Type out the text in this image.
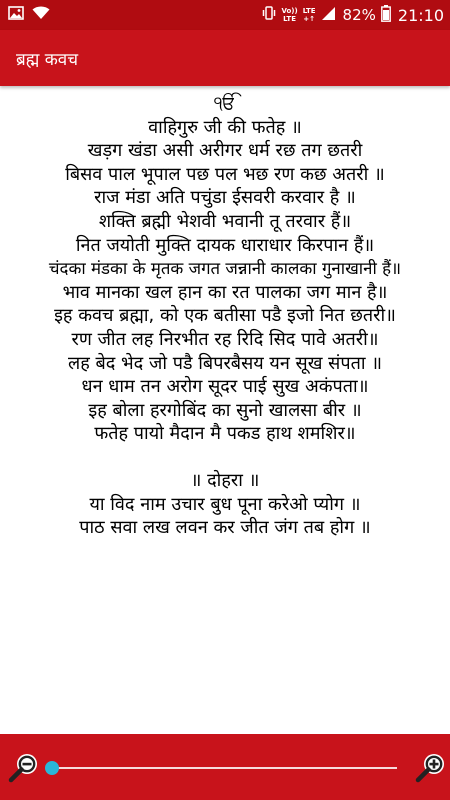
Vo))
LTE
LTE
+↑ 82% 21:10
ब्रह्म कवच
ੴ
वाहिगुरु जी की फतेह ॥
खड़ग खंडा असी अरीगर धर्म रछ तग छतरी
बिसव पाल भूपाल पछ पल भछ रण कछ अतरी ॥
राज मंडा अति पचुंडा ईसवरी करवार है ॥
शक्ति ब्रह्मी भेशवी भवानी तू तरवार हैं॥
नित जयोती मुक्ति दायक धाराधार किरपान हैं॥
चंदका मंडका के मृतक जगत जन्नानी कालका गुनाखानी हैं॥
भाव मानका खल हान का रत पालका जग मान है॥
इह कवच ब्रह्मा, को एक बतीसा पडै इजो नित छतरी॥
रण जीत लह निरभीत रह रिदि सिद पावे अतरी॥
लह बेद भेद जो पडै बिपरबैसय यन सूख संपता ॥
धन धाम तन अरोग सूदर पाई सुख अकंपता॥
इह बोला हरगोबिंद का सुनो खालसा बीर ॥
फतेह पायो मैदान मै पकड हाथ शमशिर॥
॥ दोहरा ॥
या विद नाम उचार बुध पूना करेओ प्योग ॥
पाठ सवा लख लवन कर जीत जंग तब होग ॥
